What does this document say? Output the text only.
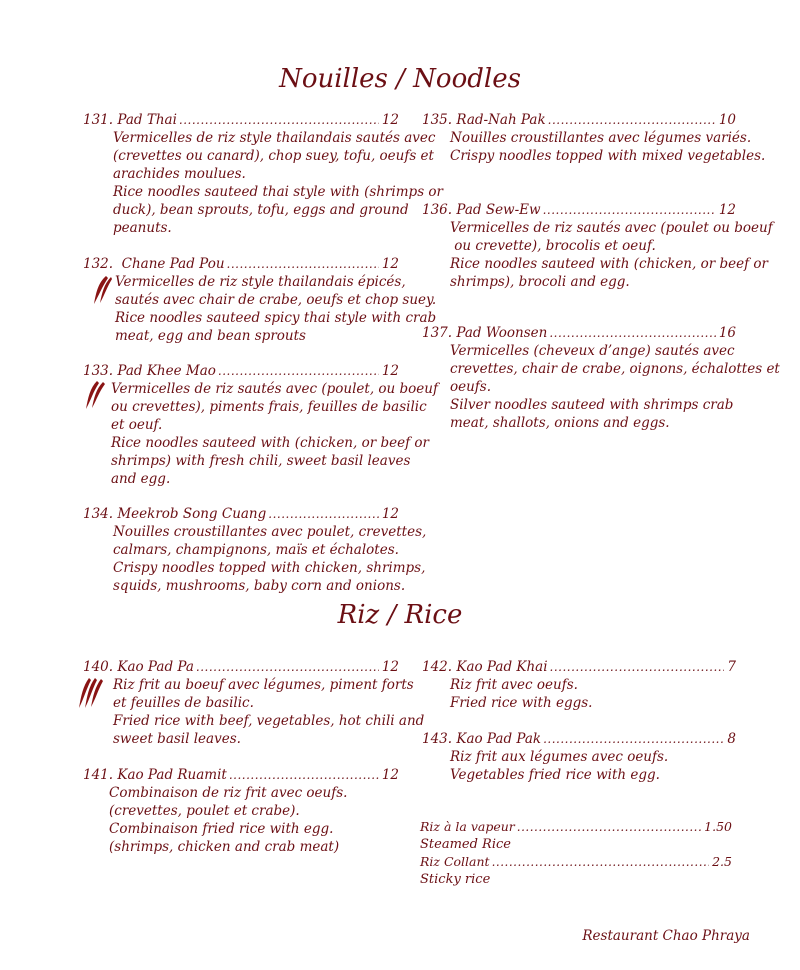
Nouilles / Noodles
131.
Pad Thai .....	12
Vermicelles de riz style thailandais sautés avec
(crevettes ou canard), chop suey, tofu, oeufs et
arachides moulues.
Rice noodles sauteed thai style with (shrimps or
duck), bean sprouts, tofu, eggs and ground
peanuts.
132.
Chane Pad Pou .....	12
Vermicelles de riz style thailandais épicés,
sautés avec chair de crabe, oeufs et chop suey.
Rice noodles sauteed spicy thai style with crab
meat, egg and bean sprouts
133.
Pad Khee Mao .....	12
Vermicelles de riz sautés avec (poulet, ou boeuf
ou crevettes), piments frais, feuilles de basilic
et oeuf.
Rice noodles sauteed with (chicken, or beef or
shrimps) with fresh chili, sweet basil leaves
and egg.
134.
Meekrob Song Cuang .....	12
Nouilles croustillantes avec poulet, crevettes,
calmars, champignons, maïs et échalotes.
Crispy noodles topped with chicken, shrimps,
squids, mushrooms, baby corn and onions.
135.
Rad-Nah Pak .....	10
Nouilles croustillantes avec légumes variés.
Crispy noodles topped with mixed vegetables.
136.
Pad Sew-Ew .....	12
Vermicelles de riz sautés avec (poulet ou boeuf
ou crevette), brocolis et oeuf.
Rice noodles sauteed with (chicken, or beef or
shrimps), brocoli and egg.
137.
Pad Woonsen .....	16
Vermicelles (cheveux d’ange) sautés avec
crevettes, chair de crabe, oignons, échalottes et
oeufs.
Silver noodles sauteed with shrimps crab
meat, shallots, onions and eggs.
Riz / Rice
140.
Kao Pad Pa .....	12
Riz frit au boeuf avec légumes, piment forts
et feuilles de basilic.
Fried rice with beef, vegetables, hot chili and
sweet basil leaves.
141.
Kao Pad Ruamit .....	12
Combinaison de riz frit avec oeufs.
(crevettes, poulet et crabe).
Combinaison fried rice with egg.
(shrimps, chicken and crab meat)
142.
Kao Pad Khai .....	7
Riz frit avec oeufs.
Fried rice with eggs.
143.
Kao Pad Pak .....	8
Riz frit aux légumes avec oeufs.
Vegetables fried rice with egg.
Riz à la vapeur .....	1.50
Steamed Rice
Riz Collant .....	2.5
Sticky rice
Restaurant Chao Phraya
